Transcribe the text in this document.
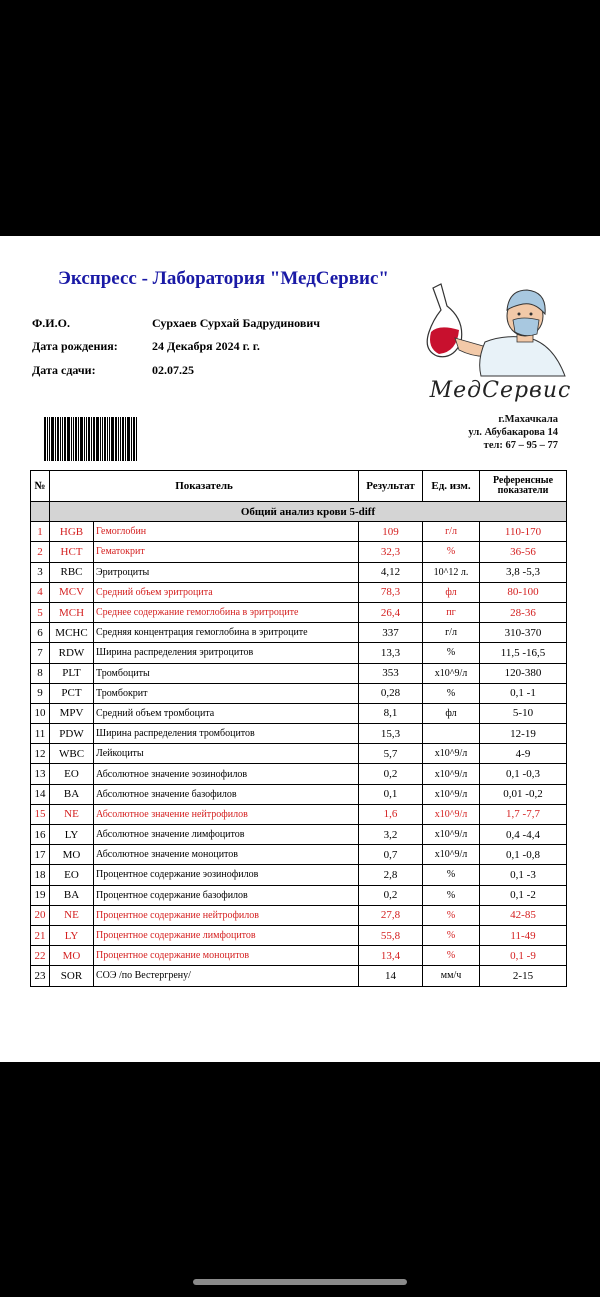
Экспресс - Лаборатория "МедСервис"
Ф.И.О.	Сурхаев Сурхай Бадрудинович
Дата рождения:	24 Декабря 2024 г. г.
Дата сдачи:	02.07.25
МедСервис
г.Махачкала
ул. Абубакарова 14
тел: 67 – 95 – 77
№	Показатель		Результат	Ед. изм.	Референсные показатели
	Общий анализ крови 5-diff				
1	HGB	Гемоглобин	109	г/л	110-170
2	HCT	Гематокрит	32,3	%	36-56
3	RBC	Эритроциты	4,12	10^12 л.	3,8 -5,3
4	MCV	Средний объем эритроцита	78,3	фл	80-100
5	MCH	Среднее содержание гемоглобина в эритроците	26,4	пг	28-36
6	MCHC	Средняя концентрация гемоглобина в эритроците	337	г/л	310-370
7	RDW	Ширина распределения эритроцитов	13,3	%	11,5 -16,5
8	PLT	Тромбоциты	353	х10^9/л	120-380
9	PCT	Тромбокрит	0,28	%	0,1 -1
10	MPV	Средний объем тромбоцита	8,1	фл	5-10
11	PDW	Ширина распределения тромбоцитов	15,3		12-19
12	WBC	Лейкоциты	5,7	х10^9/л	4-9
13	EO	Абсолютное значение эозинофилов	0,2	х10^9/л	0,1 -0,3
14	BA	Абсолютное значение базофилов	0,1	х10^9/л	0,01 -0,2
15	NE	Абсолютное значение нейтрофилов	1,6	х10^9/л	1,7 -7,7
16	LY	Абсолютное значение лимфоцитов	3,2	х10^9/л	0,4 -4,4
17	MO	Абсолютное значение моноцитов	0,7	х10^9/л	0,1 -0,8
18	EO	Процентное содержание эозинофилов	2,8	%	0,1 -3
19	BA	Процентное содержание базофилов	0,2	%	0,1 -2
20	NE	Процентное содержание нейтрофилов	27,8	%	42-85
21	LY	Процентное содержание лимфоцитов	55,8	%	11-49
22	MO	Процентное содержание моноцитов	13,4	%	0,1 -9
23	SOR	СОЭ /по Вестергрену/	14	мм/ч	2-15
